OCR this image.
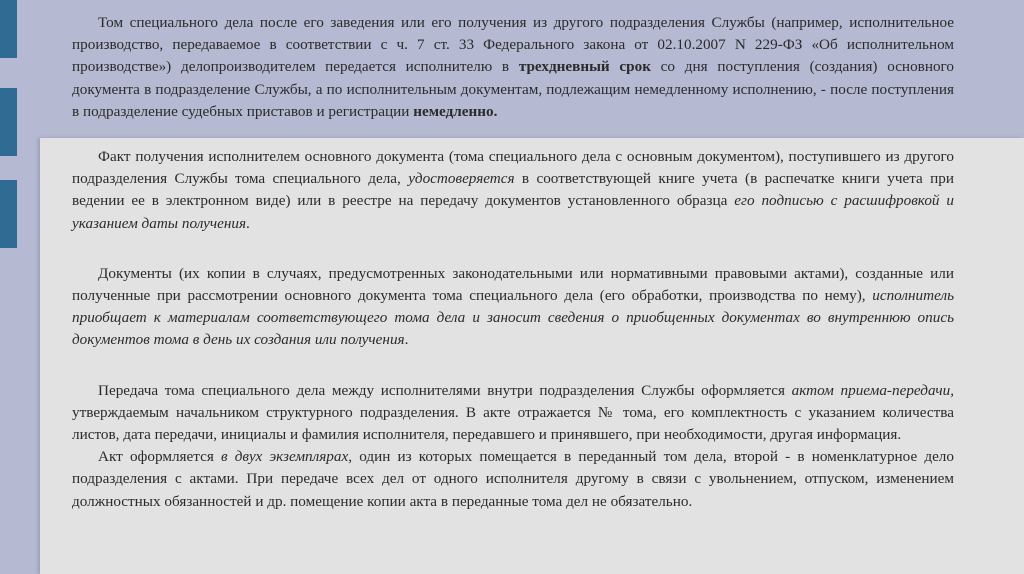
Том специального дела после его заведения или его получения из другого подразделения Службы (например, исполнительное производство, передаваемое в соответствии с ч. 7 ст. 33 Федерального закона от 02.10.2007 N 229-ФЗ «Об исполнительном производстве») делопроизводителем передается исполнителю в трехдневный срок со дня поступления (создания) основного документа в подразделение Службы, а по исполнительным документам, подлежащим немедленному исполнению, - после поступления в подразделение судебных приставов и регистрации немедленно.

Факт получения исполнителем основного документа (тома специального дела с основным документом), поступившего из другого подразделения Службы тома специального дела, удостоверяется в соответствующей книге учета (в распечатке книги учета при ведении ее в электронном виде) или в реестре на передачу документов установленного образца его подписью с расшифровкой и указанием даты получения.

Документы (их копии в случаях, предусмотренных законодательными или нормативными правовыми актами), созданные или полученные при рассмотрении основного документа тома специального дела (его обработки, производства по нему), исполнитель приобщает к материалам соответствующего тома дела и заносит сведения о приобщенных документах во внутреннюю опись документов тома в день их создания или получения.

Передача тома специального дела между исполнителями внутри подразделения Службы оформляется актом приема-передачи, утверждаемым начальником структурного подразделения. В акте отражается № тома, его комплектность с указанием количества листов, дата передачи, инициалы и фамилия исполнителя, передавшего и принявшего, при необходимости, другая информация.

Акт оформляется в двух экземплярах, один из которых помещается в переданный том дела, второй - в номенклатурное дело подразделения с актами. При передаче всех дел от одного исполнителя другому в связи с увольнением, отпуском, изменением должностных обязанностей и др. помещение копии акта в переданные тома дел не обязательно.
